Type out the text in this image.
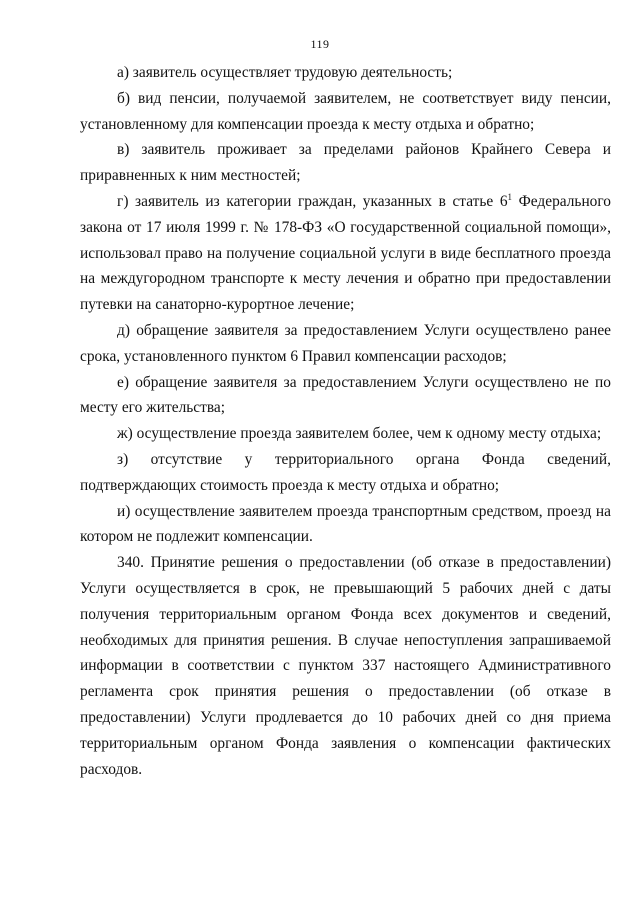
119

а) заявитель осуществляет трудовую деятельность;

б) вид пенсии, получаемой заявителем, не соответствует виду пенсии, установленному для компенсации проезда к месту отдыха и обратно;

в) заявитель проживает за пределами районов Крайнего Севера и приравненных к ним местностей;

г) заявитель из категории граждан, указанных в статье $6^1$ Федерального закона от 17 июля 1999 г. № 178-ФЗ «О государственной социальной помощи», использовал право на получение социальной услуги в виде бесплатного проезда на междугородном транспорте к месту лечения и обратно при предоставлении путевки на санаторно-курортное лечение;

д) обращение заявителя за предоставлением Услуги осуществлено ранее срока, установленного пунктом 6 Правил компенсации расходов;

е) обращение заявителя за предоставлением Услуги осуществлено не по месту его жительства;

ж) осуществление проезда заявителем более, чем к одному месту отдыха;

з) отсутствие у территориального органа Фонда сведений, подтверждающих стоимость проезда к месту отдыха и обратно;

и) осуществление заявителем проезда транспортным средством, проезд на котором не подлежит компенсации.

340. Принятие решения о предоставлении (об отказе в предоставлении) Услуги осуществляется в срок, не превышающий 5 рабочих дней с даты получения территориальным органом Фонда всех документов и сведений, необходимых для принятия решения. В случае непоступления запрашиваемой информации в соответствии с пунктом 337 настоящего Административного регламента срок принятия решения о предоставлении (об отказе в предоставлении) Услуги продлевается до 10 рабочих дней со дня приема территориальным органом Фонда заявления о компенсации фактических расходов.
